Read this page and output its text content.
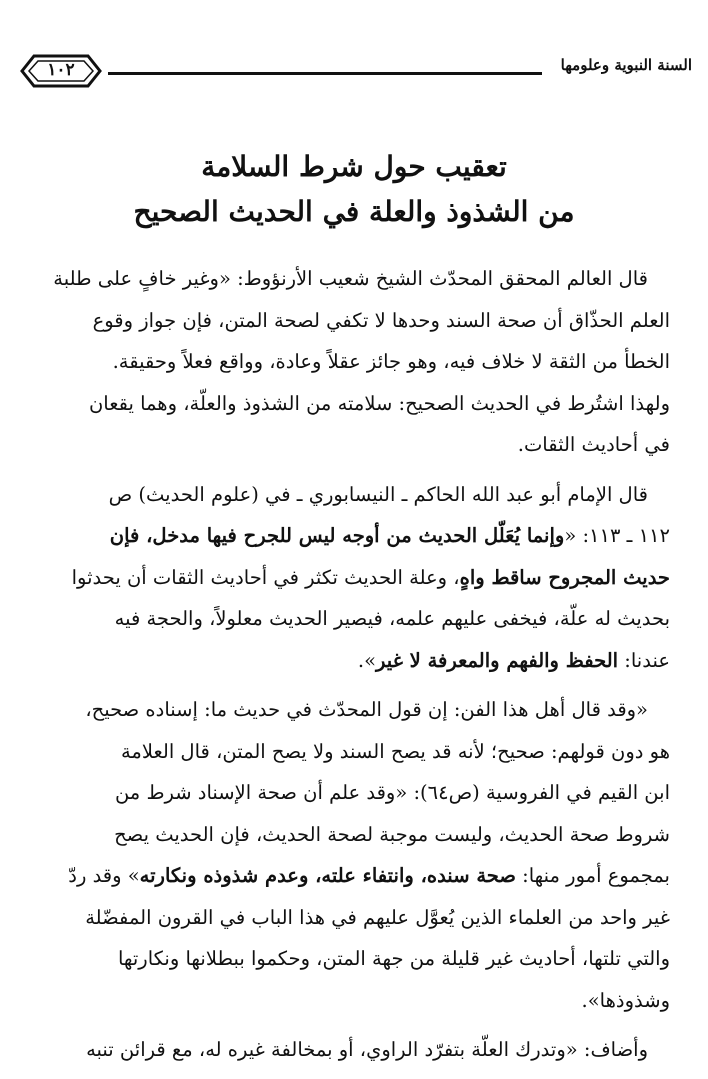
السنة النبوية وعلومها
١٠٢
تعقيب حول شرط السلامة
من الشذوذ والعلة في الحديث الصحيح

قال العالم المحقق المحدّث الشيخ شعيب الأرنؤوط: «وغير خافٍ على طلبة
العلم الحذّاق أن صحة السند وحدها لا تكفي لصحة المتن، فإن جواز وقوع
الخطأ من الثقة لا خلاف فيه، وهو جائز عقلاً وعادة، وواقع فعلاً وحقيقة.
ولهذا اشتُرط في الحديث الصحيح: سلامته من الشذوذ والعلّة، وهما يقعان
في أحاديث الثقات.

قال الإمام أبو عبد الله الحاكم ـ النيسابوري ـ في (علوم الحديث) ص
١١٢ ـ ١١٣: «وإنما يُعَلّل الحديث من أوجه ليس للجرح فيها مدخل، فإن
حديث المجروح ساقط واهٍ، وعلة الحديث تكثر في أحاديث الثقات أن يحدثوا
بحديث له علّة، فيخفى عليهم علمه، فيصير الحديث معلولاً، والحجة فيه
عندنا: الحفظ والفهم والمعرفة لا غير».

«وقد قال أهل هذا الفن: إن قول المحدّث في حديث ما: إسناده صحيح،
هو دون قولهم: صحيح؛ لأنه قد يصح السند ولا يصح المتن، قال العلامة
ابن القيم في الفروسية (ص٦٤): «وقد علم أن صحة الإسناد شرط من
شروط صحة الحديث، وليست موجبة لصحة الحديث، فإن الحديث يصح
بمجموع أمور منها: صحة سنده، وانتفاء علته، وعدم شذوذه ونكارته» وقد ردّ
غير واحد من العلماء الذين يُعوَّل عليهم في هذا الباب في القرون المفضّلة
والتي تلتها، أحاديث غير قليلة من جهة المتن، وحكموا ببطلانها ونكارتها
وشذوذها».

وأضاف: «وتدرك العلّة بتفرّد الراوي، أو بمخالفة غيره له، مع قرائن تنبه
